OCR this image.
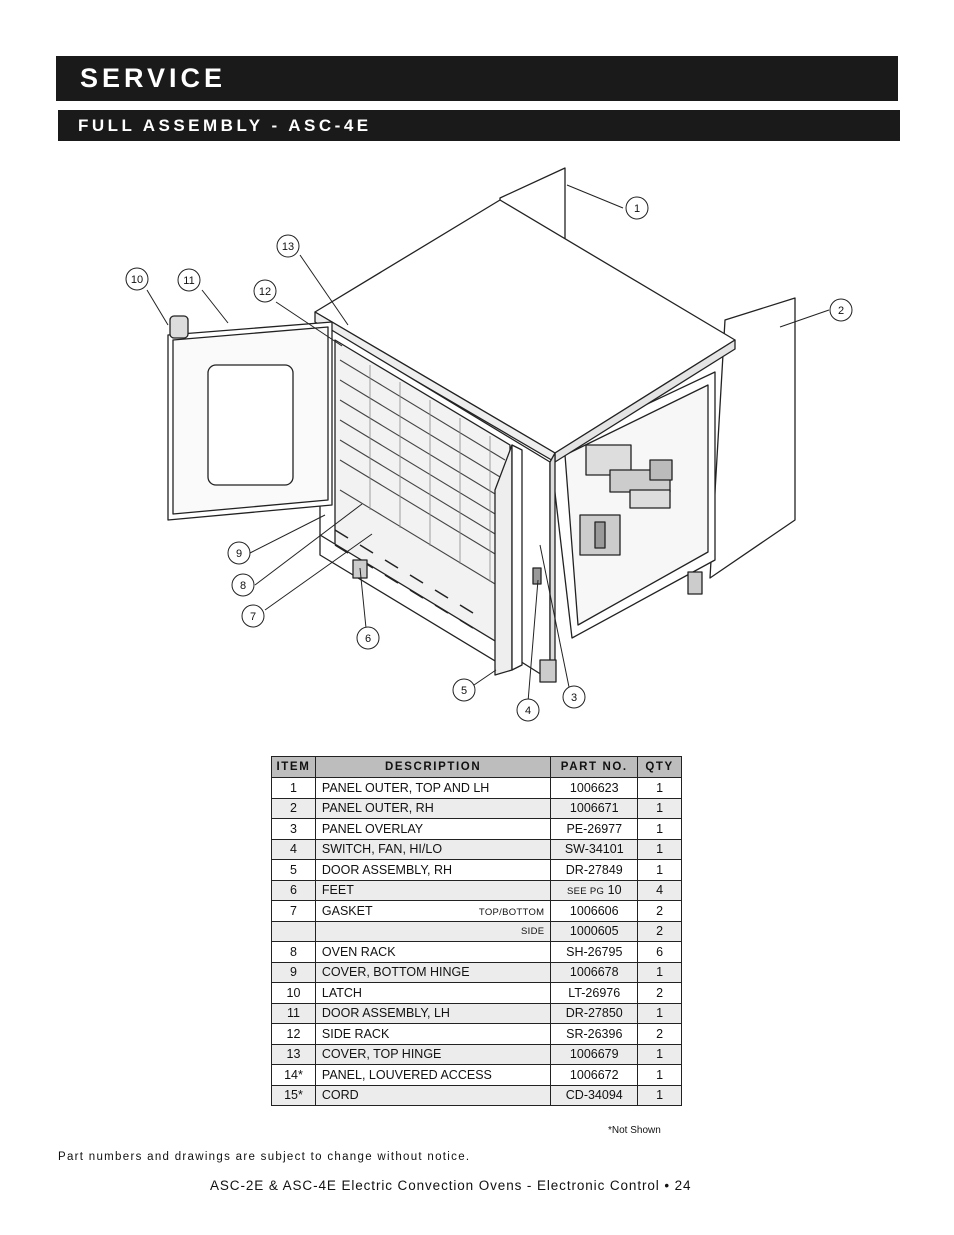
SERVICE
FULL ASSEMBLY - ASC-4E
1
2
3
4
5
6
7
8
9
10	11
12
13
ITEM	DESCRIPTION	PART NO.	QTY
1	PANEL OUTER, TOP AND LH	1006623	1
2	PANEL OUTER, RH	1006671	1
3	PANEL OVERLAY	PE-26977	1
4	SWITCH, FAN, HI/LO	SW-34101	1
5	DOOR ASSEMBLY, RH	DR-27849	1
6	FEET	SEE PG 10	4
7	GASKET TOP/BOTTOM	1006606	2

	SIDE	1000605	2
8	OVEN RACK	SH-26795	6
9	COVER, BOTTOM HINGE	1006678	1
10	LATCH	LT-26976	2
11	DOOR ASSEMBLY, LH	DR-27850	1
12	SIDE RACK	SR-26396	2
13	COVER, TOP HINGE	1006679	1
14*	PANEL, LOUVERED ACCESS	1006672	1
15*	CORD	CD-34094	1
*Not Shown
Part numbers and drawings are subject to change without notice.
ASC-2E & ASC-4E Electric Convection Ovens - Electronic Control • 24
